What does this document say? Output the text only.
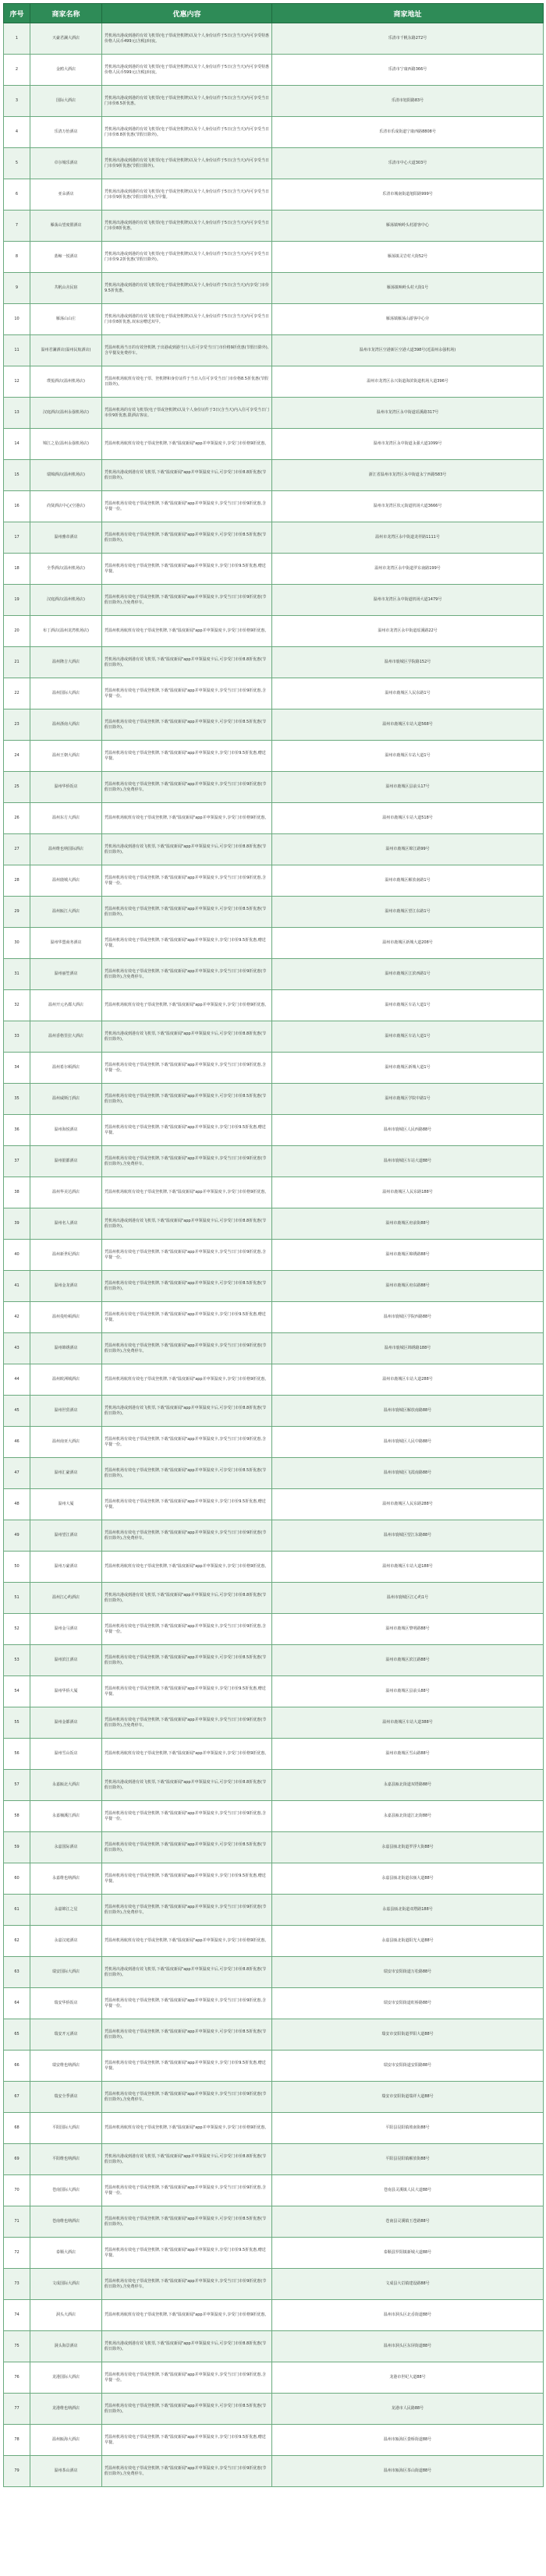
序号	商家名称	优惠内容	商家地址
1	天豪君澜大酒店	凭机场出港或到港的有效飞机票(电子票或登机牌)以及个人身份证件于5日(含当天)内可享受特惠价格人民币499元(含税)/间夜。	乐清市千帆东路272号
2	金鸥大酒店	凭机场出港或到港的有效飞机票(电子票或登机牌)以及个人身份证件于5日(含当天)内可享受特惠价格人民币599元(含税)/间夜。	乐清市宁康西路366号
3	国际大酒店	凭机场出港或到港的有效飞机票(电子票或登机牌)以及个人身份证件于5日(含当天)内可享受当日门市价8.5折优惠。	乐清市旭阳路83号
4	乐清万怡酒店	凭机场出港或到港的有效飞机票(电子票或登机牌)以及个人身份证件于5日(含当天)内可享受当日门市价8.8折优惠(节假日除外)。	乐清市乐成街道宁康西路8808号
5	卓尔城乐酒店	凭机场出港或到港的有效飞机票(电子票或登机牌)以及个人身份证件于5日(含当天)内可享受当日门市价9折优惠(节假日除外)。	乐清市中心大道303号
6	亚朵酒店	凭机场出港或到港的有效飞机票(电子票或登机牌)以及个人身份证件于5日(含当天)内可享受当日门市价9折优惠(节假日除外),含早餐。	乐清市城南街道旭阳路999号
7	雁荡山望度假酒店	凭机场出港或到港的有效飞机票(电子票或登机牌)以及个人身份证件于5日(含当天)内可享受当日门市价8折优惠。	雁荡镇响岭头村游客中心
8	蓝鲸一悦酒店	凭机场出港或到港的有效飞机票(电子票或登机牌)以及个人身份证件于5日(含当天)内可享受当日门市价9.2折优惠(节假日除外)。	雁荡镇灵岩村大街52号
9	共帆山舍民宿	凭机场出港或到港的有效飞机票(电子票或登机牌)以及个人身份证件于5日(含当天)内享受门市价9.5折优惠。	雁荡镇响岭头村大街1号
10	雁荡山山庄	凭机场出港或到港的有效飞机票(电子票或登机牌)以及个人身份证件于5日(含当天)内可享受当日门市价8折优惠,双床房赠送双早。	雁荡镇雁荡山游客中心旁
11	温州君澜酒店(温州民航酒店)	凭温州机场当日的有效登机牌,于出港或到港当日入住可享受当日门市价格9折优惠(节假日除外),含早餐及免费停车。	温州市龙湾区空港新区空港大道398号(近温州永强机场)
12	璞悦酒店(温州机场店)	凭温州机场航班有效电子票、登机牌和身份证件于当日入住可享受当日门市价格8.5折优惠(节假日除外)。	温州市龙湾区永兴街道海滨街道机场大道396号
13	汉庭酒店(温州永强机场店)	凭温州机场的有效飞机票(电子票或登机牌)以及个人身份证件于3日(含当天)内入住可享受当日门市价9折优惠,限酒店客房。	温州市龙湾区永中街道瑶溪路317号
14	锦江之星(温州永强机场店)	凭温州机场航班有效电子票或登机牌,下载"温度新闻"app并申领温度卡,享受门市价格9折优惠。	温州市龙湾区永中街道永强大道1099号
15	瑞锦酒店(温州机场店)	凭机场出港或到港有效飞机票,下载"温度新闻"app并申领温度卡后,可享受门市价8.8折优惠(节假日除外)。	浙江省温州市龙湾区永中街道永宁西路583号
16	尚贤酒店中心(空港店)	凭温州机场有效电子票或登机牌,下载"温度新闻"app并申领温度卡,享受当日门市价9折优惠,含早餐一份。	温州市龙湾区状元街道机场大道3666号
17	温州雅帝酒店	凭温州机场有效电子票或登机牌,下载"温度新闻"app并申领温度卡,可享受门市价8.5折优惠(节假日除外)。	温州市龙湾区永中街道龙祥路1111号
18	全季酒店(温州机场店)	凭温州机场有效电子票或登机牌,下载"温度新闻"app并申领温度卡,享受门市价9.5折优惠,赠送早餐。	温州市龙湾区永中街道罗东南路199号
19	汉庭酒店(温州机场店)	凭温州机场有效电子票或登机牌,下载"温度新闻"app并申领温度卡,享受当日门市价9折优惠(节假日除外),含免费停车。	温州市龙湾区永中街道机场大道1479号
20	布丁酒店(温州龙湾机场店)	凭温州机场航班有效电子票或登机牌,下载"温度新闻"app并申领温度卡,享受门市价格9折优惠。	温州市龙湾区永中街道瑶溪路22号
21	温州隆吉大酒店	凭机场出港或到港有效飞机票,下载"温度新闻"app并申领温度卡后,可享受门市价8.8折优惠(节假日除外)。	温州市鹿城区学院路152号
22	温州国际大酒店	凭温州机场有效电子票或登机牌,下载"温度新闻"app并申领温度卡,享受当日门市价9折优惠,含早餐一份。	温州市鹿城区人民东路1号
23	温州浙南大酒店	凭温州机场有效电子票或登机牌,下载"温度新闻"app并申领温度卡,可享受门市价8.5折优惠(节假日除外)。	温州市鹿城区车站大道568号
24	温州王朝大酒店	凭温州机场有效电子票或登机牌,下载"温度新闻"app并申领温度卡,享受门市价9.5折优惠,赠送早餐。	温州市鹿城区车站大道1号
25	温州华侨饭店	凭温州机场有效电子票或登机牌,下载"温度新闻"app并申领温度卡,享受当日门市价9折优惠(节假日除外),含免费停车。	温州市鹿城区县前头17号
26	温州东方大酒店	凭温州机场航班有效电子票或登机牌,下载"温度新闻"app并申领温度卡,享受门市价格9折优惠。	温州市鹿城区车站大道518号
27	温州维也纳国际酒店	凭机场出港或到港有效飞机票,下载"温度新闻"app并申领温度卡后,可享受门市价8.8折优惠(节假日除外)。	温州市鹿城区锦江路99号
28	温州鹿城大酒店	凭温州机场有效电子票或登机牌,下载"温度新闻"app并申领温度卡,享受当日门市价9折优惠,含早餐一份。	温州市鹿城区解放南路1号
29	温州瓯江大酒店	凭温州机场有效电子票或登机牌,下载"温度新闻"app并申领温度卡,可享受门市价8.5折优惠(节假日除外)。	温州市鹿城区望江东路1号
30	温州华盟商务酒店	凭温州机场有效电子票或登机牌,下载"温度新闻"app并申领温度卡,享受门市价9.5折优惠,赠送早餐。	温州市鹿城区新城大道208号
31	温州丽笙酒店	凭温州机场有效电子票或登机牌,下载"温度新闻"app并申领温度卡,享受当日门市价9折优惠(节假日除外),含免费停车。	温州市鹿城区江滨西路1号
32	温州开元名都大酒店	凭温州机场航班有效电子票或登机牌,下载"温度新闻"app并申领温度卡,享受门市价格9折优惠。	温州市鹿城区车站大道1号
33	温州香格里拉大酒店	凭机场出港或到港有效飞机票,下载"温度新闻"app并申领温度卡后,可享受门市价8.8折优惠(节假日除外)。	温州市鹿城区车站大道1号
34	温州希尔顿酒店	凭温州机场有效电子票或登机牌,下载"温度新闻"app并申领温度卡,享受当日门市价9折优惠,含早餐一份。	温州市鹿城区新城大道1号
35	温州威斯汀酒店	凭温州机场有效电子票或登机牌,下载"温度新闻"app并申领温度卡,可享受门市价8.5折优惠(节假日除外)。	温州市鹿城区学院中路1号
36	温州海悦酒店	凭温州机场有效电子票或登机牌,下载"温度新闻"app并申领温度卡,享受门市价9.5折优惠,赠送早餐。	温州市鹿城区人民西路88号
37	温州银都酒店	凭温州机场有效电子票或登机牌,下载"温度新闻"app并申领温度卡,享受当日门市价9折优惠(节假日除外),含免费停车。	温州市鹿城区车站大道88号
38	温州华美达酒店	凭温州机场航班有效电子票或登机牌,下载"温度新闻"app并申领温度卡,享受门市价格9折优惠。	温州市鹿城区人民东路188号
39	温州名人酒店	凭机场出港或到港有效飞机票,下载"温度新闻"app并申领温度卡后,可享受门市价8.8折优惠(节假日除外)。	温州市鹿城区府前街88号
40	温州新世纪酒店	凭温州机场有效电子票或登机牌,下载"温度新闻"app并申领温度卡,享受当日门市价9折优惠,含早餐一份。	温州市鹿城区锦绣路88号
41	温州金龙酒店	凭温州机场有效电子票或登机牌,下载"温度新闻"app并申领温度卡,可享受门市价8.5折优惠(节假日除外)。	温州市鹿城区府东路88号
42	温州曼哈顿酒店	凭温州机场有效电子票或登机牌,下载"温度新闻"app并申领温度卡,享受门市价9.5折优惠,赠送早餐。	温州市鹿城区学院西路88号
43	温州锦绣酒店	凭温州机场有效电子票或登机牌,下载"温度新闻"app并申领温度卡,享受当日门市价9折优惠(节假日除外),含免费停车。	温州市鹿城区锦绣路188号
44	温州欧洲城酒店	凭温州机场航班有效电子票或登机牌,下载"温度新闻"app并申领温度卡,享受门市价格9折优惠。	温州市鹿城区车站大道288号
45	温州世贸酒店	凭机场出港或到港有效飞机票,下载"温度新闻"app并申领温度卡后,可享受门市价8.8折优惠(节假日除外)。	温州市鹿城区解放南路88号
46	温州南亚大酒店	凭温州机场有效电子票或登机牌,下载"温度新闻"app并申领温度卡,享受当日门市价9折优惠,含早餐一份。	温州市鹿城区人民中路88号
47	温州汇豪酒店	凭温州机场有效电子票或登机牌,下载"温度新闻"app并申领温度卡,可享受门市价8.5折优惠(节假日除外)。	温州市鹿城区飞霞南路88号
48	温州大厦	凭温州机场有效电子票或登机牌,下载"温度新闻"app并申领温度卡,享受门市价9.5折优惠,赠送早餐。	温州市鹿城区人民东路288号
49	温州望江酒店	凭温州机场有效电子票或登机牌,下载"温度新闻"app并申领温度卡,享受当日门市价9折优惠(节假日除外),含免费停车。	温州市鹿城区望江东路88号
50	温州万豪酒店	凭温州机场航班有效电子票或登机牌,下载"温度新闻"app并申领温度卡,享受门市价格9折优惠。	温州市鹿城区车站大道188号
51	温州江心屿酒店	凭机场出港或到港有效飞机票,下载"温度新闻"app并申领温度卡后,可享受门市价8.8折优惠(节假日除外)。	温州市鹿城区江心屿1号
52	温州金马酒店	凭温州机场有效电子票或登机牌,下载"温度新闻"app并申领温度卡,享受当日门市价9折优惠,含早餐一份。	温州市鹿城区黎明路88号
53	温州滨江酒店	凭温州机场有效电子票或登机牌,下载"温度新闻"app并申领温度卡,可享受门市价8.5折优惠(节假日除外)。	温州市鹿城区滨江路88号
54	温州华侨大厦	凭温州机场有效电子票或登机牌,下载"温度新闻"app并申领温度卡,享受门市价9.5折优惠,赠送早餐。	温州市鹿城区县前头88号
55	温州金都酒店	凭温州机场有效电子票或登机牌,下载"温度新闻"app并申领温度卡,享受当日门市价9折优惠(节假日除外),含免费停车。	温州市鹿城区车站大道388号
56	温州雪山饭店	凭温州机场航班有效电子票或登机牌,下载"温度新闻"app并申领温度卡,享受门市价格9折优惠。	温州市鹿城区雪山路88号
57	永嘉瓯北大酒店	凭机场出港或到港有效飞机票,下载"温度新闻"app并申领温度卡后,可享受门市价8.8折优惠(节假日除外)。	永嘉县瓯北街道双塔路88号
58	永嘉楠溪江酒店	凭温州机场有效电子票或登机牌,下载"温度新闻"app并申领温度卡,享受当日门市价9折优惠,含早餐一份。	永嘉县瓯北街道江北街88号
59	永嘉国际酒店	凭温州机场有效电子票或登机牌,下载"温度新闻"app并申领温度卡,可享受门市价8.5折优惠(节假日除外)。	永嘉县瓯北街道罗浮大街88号
60	永嘉维也纳酒店	凭温州机场有效电子票或登机牌,下载"温度新闻"app并申领温度卡,享受门市价9.5折优惠,赠送早餐。	永嘉县瓯北街道东瓯大道88号
61	永嘉锦江之星	凭温州机场有效电子票或登机牌,下载"温度新闻"app并申领温度卡,享受当日门市价9折优惠(节假日除外),含免费停车。	永嘉县瓯北街道双塔路188号
62	永嘉汉庭酒店	凭温州机场航班有效电子票或登机牌,下载"温度新闻"app并申领温度卡,享受门市价格9折优惠。	永嘉县瓯北街道阳光大道88号
63	瑞安国际大酒店	凭机场出港或到港有效飞机票,下载"温度新闻"app并申领温度卡后,可享受门市价8.8折优惠(节假日除外)。	瑞安市安阳街道万松路88号
64	瑞安华侨饭店	凭温州机场有效电子票或登机牌,下载"温度新闻"app并申领温度卡,享受当日门市价9折优惠,含早餐一份。	瑞安市安阳街道虹桥路88号
65	瑞安开元酒店	凭温州机场有效电子票或登机牌,下载"温度新闻"app并申领温度卡,可享受门市价8.5折优惠(节假日除外)。	瑞安市安阳街道罗阳大道88号
66	瑞安维也纳酒店	凭温州机场有效电子票或登机牌,下载"温度新闻"app并申领温度卡,享受门市价9.5折优惠,赠送早餐。	瑞安市安阳街道安阳路88号
67	瑞安全季酒店	凭温州机场有效电子票或登机牌,下载"温度新闻"app并申领温度卡,享受当日门市价9折优惠(节假日除外),含免费停车。	瑞安市安阳街道瑞祥大道88号
68	平阳国际大酒店	凭温州机场航班有效电子票或登机牌,下载"温度新闻"app并申领温度卡,享受门市价格9折优惠。	平阳县昆阳镇坡南街88号
69	平阳维也纳酒店	凭机场出港或到港有效飞机票,下载"温度新闻"app并申领温度卡后,可享受门市价8.8折优惠(节假日除外)。	平阳县昆阳镇解放街88号
70	苍南国际大酒店	凭温州机场有效电子票或登机牌,下载"温度新闻"app并申领温度卡,享受当日门市价9折优惠,含早餐一份。	苍南县灵溪镇人民大道88号
71	苍南维也纳酒店	凭温州机场有效电子票或登机牌,下载"温度新闻"app并申领温度卡,可享受门市价8.5折优惠(节假日除外)。	苍南县灵溪镇玉苍路88号
72	泰顺大酒店	凭温州机场有效电子票或登机牌,下载"温度新闻"app并申领温度卡,享受门市价9.5折优惠,赠送早餐。	泰顺县罗阳镇新城大道88号
73	文成国际大酒店	凭温州机场有效电子票或登机牌,下载"温度新闻"app并申领温度卡,享受当日门市价9折优惠(节假日除外),含免费停车。	文成县大峃镇建设路88号
74	洞头大酒店	凭温州机场航班有效电子票或登机牌,下载"温度新闻"app并申领温度卡,享受门市价格9折优惠。	温州市洞头区北岙街道88号
75	洞头海景酒店	凭机场出港或到港有效飞机票,下载"温度新闻"app并申领温度卡后,可享受门市价8.8折优惠(节假日除外)。	温州市洞头区东屏街道88号
76	龙港国际大酒店	凭温州机场有效电子票或登机牌,下载"温度新闻"app并申领温度卡,享受当日门市价9折优惠,含早餐一份。	龙港市世纪大道88号
77	龙港维也纳酒店	凭温州机场有效电子票或登机牌,下载"温度新闻"app并申领温度卡,可享受门市价8.5折优惠(节假日除外)。	龙港市人民路88号
78	温州瓯海大酒店	凭温州机场有效电子票或登机牌,下载"温度新闻"app并申领温度卡,享受门市价9.5折优惠,赠送早餐。	温州市瓯海区娄桥街道88号
79	温州茶山酒店	凭温州机场有效电子票或登机牌,下载"温度新闻"app并申领温度卡,享受当日门市价9折优惠(节假日除外),含免费停车。	温州市瓯海区茶山街道88号
